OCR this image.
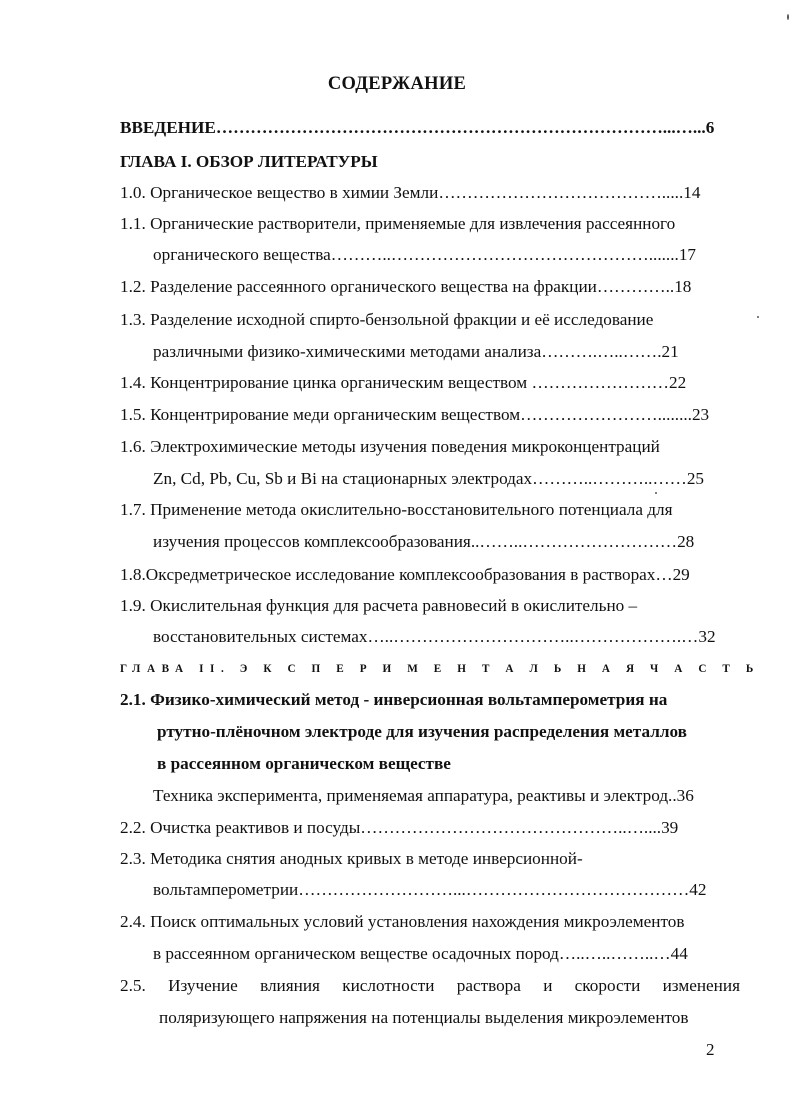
СОДЕРЖАНИЕ
ВВЕДЕНИЕ……………………………………………………………………...…...6
ГЛАВА I. ОБЗОР ЛИТЕРАТУРЫ
1.0. Органическое вещество в химии Земли………………………………….....14
1.1. Органические растворители, применяемые для извлечения рассеянного
органического вещества………..……………………………………….......17
1.2. Разделение рассеянного органического вещества на фракции…………..18
1.3. Разделение исходной спирто-бензольной фракции и её исследование
различными физико-химическими методами анализа……….…..…….21
1.4. Концентрирование цинка органическим веществом ……………………22
1.5. Концентрирование меди органическим веществом……………………........23
1.6. Электрохимические методы изучения поведения микроконцентраций
Zn, Cd, Pb, Cu, Sb и Bi на стационарных электродах………..………..……25
1.7. Применение метода окислительно-восстановительного потенциала для
изучения процессов комплексообразования..……..………………………28
1.8.Окcредметрическое исследование комплексообразования в растворах…29
1.9. Окислительная функция для расчета равновесий в окислительно –
восстановительных системах…..…………………………..……………….…32
ГЛАВА II. Э К С П Е Р И М Е Н Т А Л Ь Н А Я Ч А С Т Ь
2.1. Физико-химический метод - инверсионная вольтамперометрия на
ртутно-плёночном электроде для изучения распределения металлов
в рассеянном органическом веществе
Техника эксперимента, применяемая аппаратура, реактивы и электрод..36
2.2. Очистка реактивов и посуды………………………………………..…....39
2.3. Методика снятия анодных кривых в методе инверсионной-
вольтамперометрии………………………...…………………………………42
2.4. Поиск оптимальных условий установления нахождения микроэлементов
в рассеянном органическом веществе осадочных пород…..…..……..…44
2.5. Изучение влияния кислотности раствора и скорости изменения
поляризующего напряжения на потенциалы выделения микроэлементов
2
